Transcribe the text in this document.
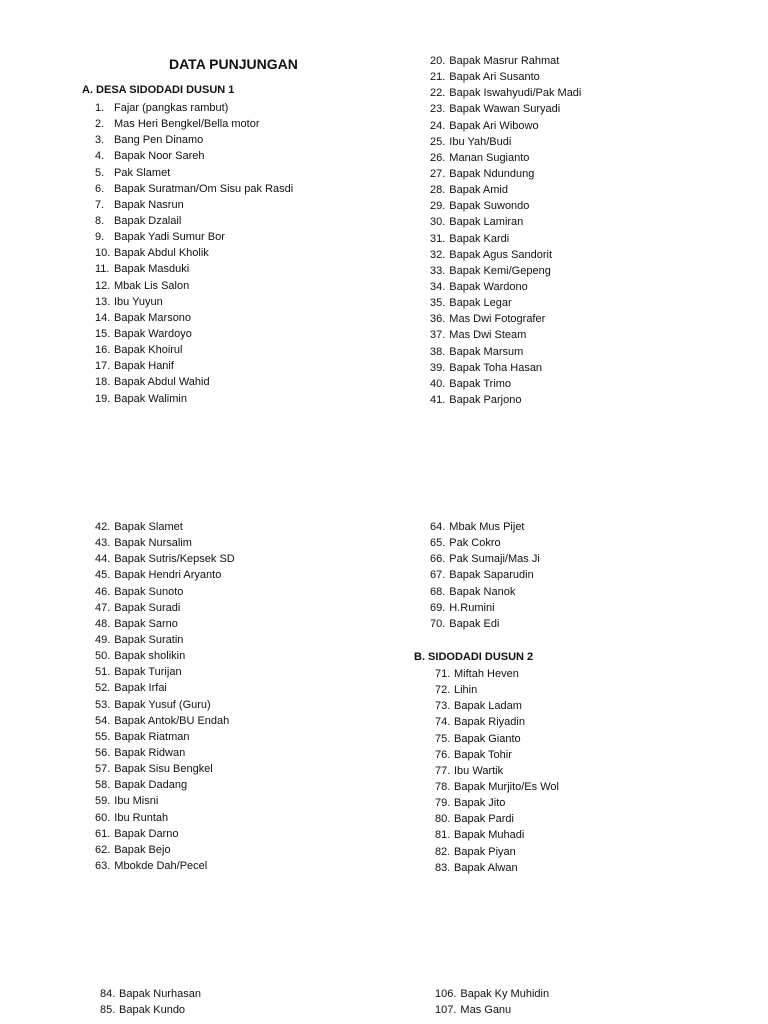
DATA PUNJUNGAN
A. DESA SIDODADI DUSUN 1
B. SIDODADI DUSUN 2
1. Fajar (pangkas rambut)
2. Mas Heri Bengkel/Bella motor
3. Bang Pen Dinamo
4. Bapak Noor Sareh
5. Pak Slamet
6. Bapak Suratman/Om Sisu pak Rasdi
7. Bapak Nasrun
8. Bapak Dzalail
9. Bapak Yadi Sumur Bor
10. Bapak Abdul Kholik
11. Bapak Masduki
12. Mbak Lis Salon
13. Ibu Yuyun
14. Bapak Marsono
15. Bapak Wardoyo
16. Bapak Khoirul
17. Bapak Hanif
18. Bapak Abdul Wahid
19. Bapak Walimin
20. Bapak Masrur Rahmat
21. Bapak Ari Susanto
22. Bapak Iswahyudi/Pak Madi
23. Bapak Wawan Suryadi
24. Bapak Ari Wibowo
25. Ibu Yah/Budi
26. Manan Sugianto
27. Bapak Ndundung
28. Bapak Amid
29. Bapak Suwondo
30. Bapak Lamiran
31. Bapak Kardi
32. Bapak Agus Sandorit
33. Bapak Kemi/Gepeng
34. Bapak Wardono
35. Bapak Legar
36. Mas Dwi Fotografer
37. Mas Dwi Steam
38. Bapak Marsum
39. Bapak Toha Hasan
40. Bapak Trimo
41. Bapak Parjono
42. Bapak Slamet
43. Bapak Nursalim
44. Bapak Sutris/Kepsek SD
45. Bapak Hendri Aryanto
46. Bapak Sunoto
47. Bapak Suradi
48. Bapak Sarno
49. Bapak Suratin
50. Bapak sholikin
51. Bapak Turijan
52. Bapak Irfai
53. Bapak Yusuf (Guru)
54. Bapak Antok/BU Endah
55. Bapak Riatman
56. Bapak Ridwan
57. Bapak Sisu Bengkel
58. Bapak Dadang
59. Ibu Misni
60. Ibu Runtah
61. Bapak Darno
62. Bapak Bejo
63. Mbokde Dah/Pecel
64. Mbak Mus Pijet
65. Pak Cokro
66. Pak Sumaji/Mas Ji
67. Bapak Saparudin
68. Bapak Nanok
69. H.Rumini
70. Bapak Edi
71. Miftah Heven
72. Lihin
73. Bapak Ladam
74. Bapak Riyadin
75. Bapak Gianto
76. Bapak Tohir
77. Ibu Wartik
78. Bapak Murjito/Es Wol
79. Bapak Jito
80. Bapak Pardi
81. Bapak Muhadi
82. Bapak Piyan
83. Bapak Alwan
84. Bapak Nurhasan
85. Bapak Kundo
106. Bapak Ky Muhidin
107. Mas Ganu
